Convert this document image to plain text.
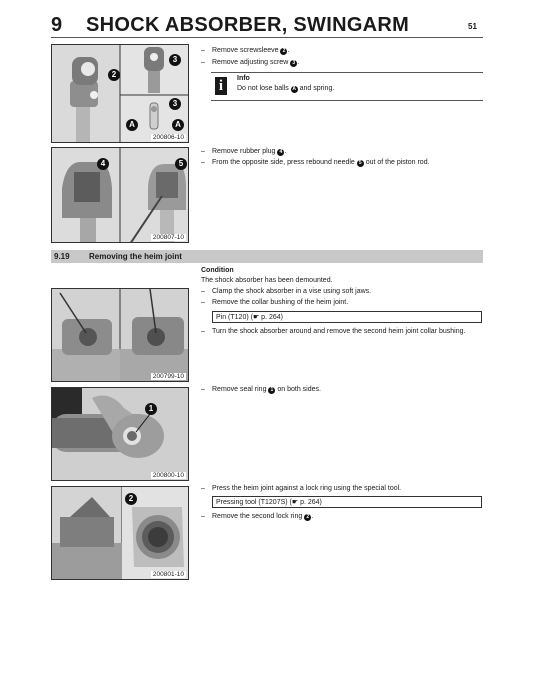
9 SHOCK ABSORBER, SWINGARM	51
2
3
3
A	A
200806-10
– Remove screwsleeve 2 .
– Remove adjusting screw 3 .
i	Info
Do not lose balls A and spring.
4	5
200807-10
– Remove rubber plug 4 .
– From the opposite side, press rebound needle 5 out of the piston rod.
9.19 Removing the heim joint
Condition
The shock absorber has been demounted.
200799-10
– Clamp the shock absorber in a vise using soft jaws.
– Remove the collar bushing of the heim joint.
Pin (T120) (☛ p. 264)
– Turn the shock absorber around and remove the second heim joint collar bushing.
1
200800-10
– Remove seal ring 1 on both sides.
2
200801-10
– Press the heim joint against a lock ring using the special tool.
Pressing tool (T1207S) (☛ p. 264)
– Remove the second lock ring 2 .
